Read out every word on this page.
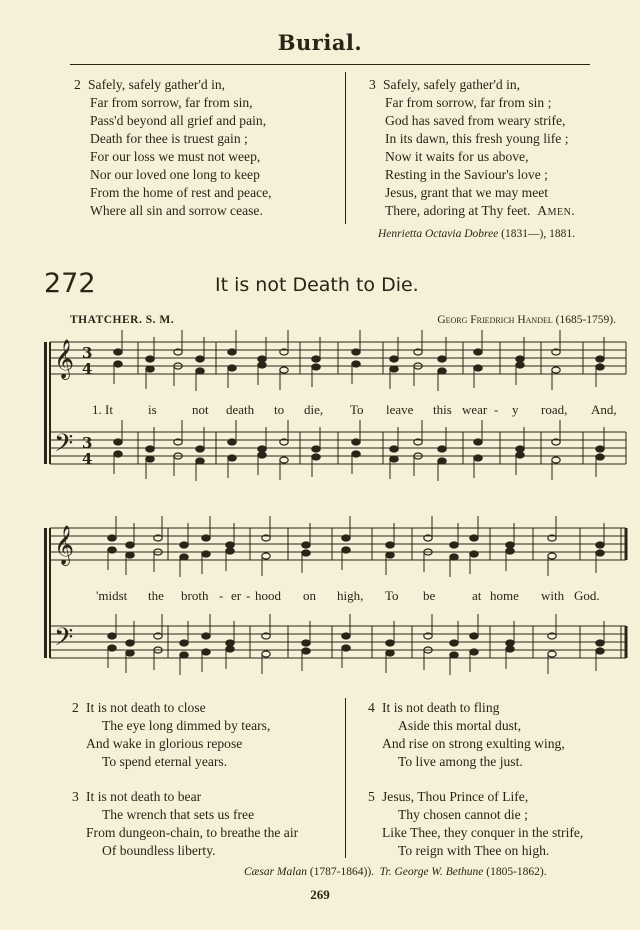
Burial.
2 Safely, safely gather'd in,
Far from sorrow, far from sin,
Pass'd beyond all grief and pain,
Death for thee is truest gain ;
For our loss we must not weep,
Nor our loved one long to keep
From the home of rest and peace,
Where all sin and sorrow cease.
3 Safely, safely gather'd in,
Far from sorrow, far from sin ;
God has saved from weary strife,
In its dawn, this fresh young life ;
Now it waits for us above,
Resting in the Saviour's love ;
Jesus, grant that we may meet
There, adoring at Thy feet. Amen.
Henrietta Octavia Dobree (1831—), 1881.
272	It is not Death to Die.
THATCHER. S. M.	Georg Friedrich Handel (1685-1759).
𝄞
𝄢
3
4
3
4
𝄞
𝄢
1. It	is	not death to die, To leave this wear - y road, And,
'midst the broth - er - hood on high, To be	at home with God.
2 It is not death to close
The eye long dimmed by tears,
And wake in glorious repose
To spend eternal years.
3 It is not death to bear
The wrench that sets us free
From dungeon-chain, to breathe the air
Of boundless liberty.
4 It is not death to fling
Aside this mortal dust,
And rise on strong exulting wing,
To live among the just.
5 Jesus, Thou Prince of Life,
Thy chosen cannot die ;
Like Thee, they conquer in the strife,
To reign with Thee on high.
Cæsar Malan (1787-1864)). Tr. George W. Bethune (1805-1862).
269
